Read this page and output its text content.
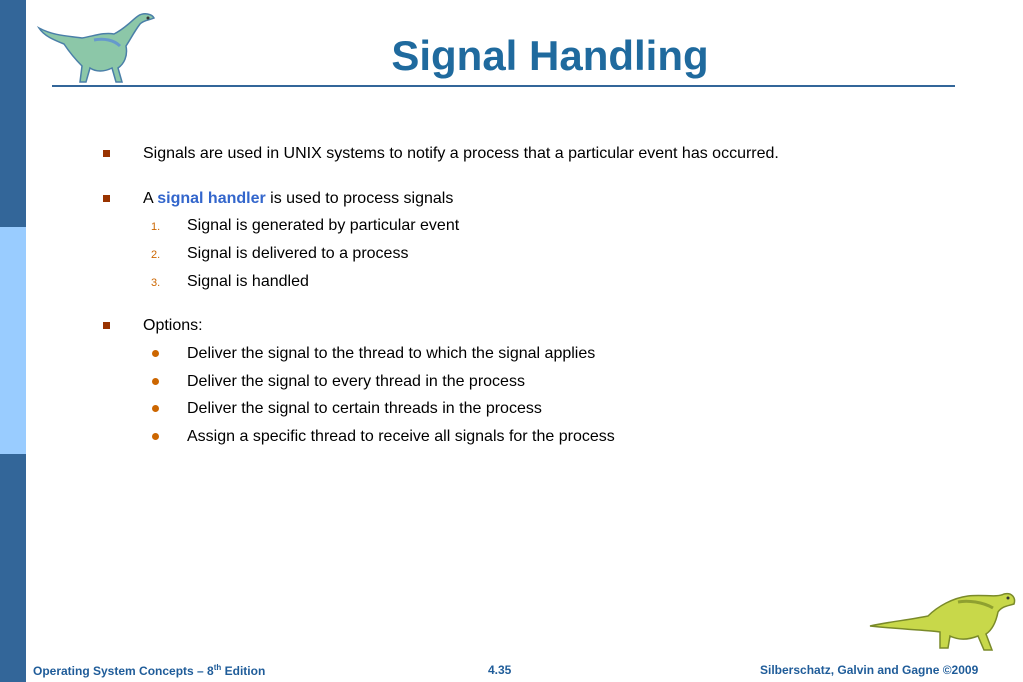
Signal Handling
Signals are used in UNIX systems to notify a process that a particular event has occurred.
A signal handler is used to process signals
1. Signal is generated by particular event
2. Signal is delivered to a process
3. Signal is handled
Options:
Deliver the signal to the thread to which the signal applies
Deliver the signal to every thread in the process
Deliver the signal to certain threads in the process
Assign a specific thread to receive all signals for the process
Operating System Concepts – 8th Edition	4.35	Silberschatz, Galvin and Gagne ©2009
